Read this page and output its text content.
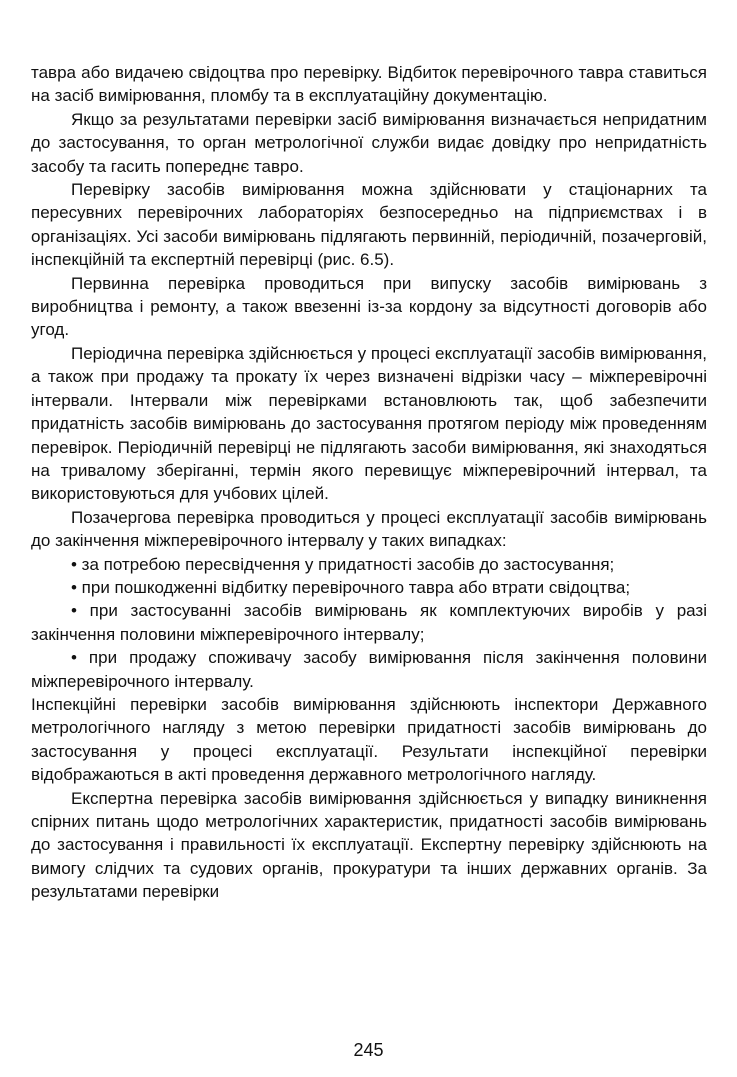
тавра або видачею свідоцтва про перевірку. Відбиток перевірочного тавра ставиться на засіб вимірювання, пломбу та в експлуатаційну документацію.

Якщо за результатами перевірки засіб вимірювання визначається непридатним до застосування, то орган метрологічної служби видає довідку про непридатність засобу та гасить попереднє тавро.

Перевірку засобів вимірювання можна здійснювати у стаціонарних та пересувних перевірочних лабораторіях безпосередньо на підприємствах і в організаціях. Усі засоби вимірювань підлягають первинній, періодичній, позачерговій, інспекційній та експертній перевірці (рис. 6.5).

Первинна перевірка проводиться при випуску засобів вимірювань з виробництва і ремонту, а також ввезенні із-за кордону за відсутності договорів або угод.

Періодична перевірка здійснюється у процесі експлуатації засобів вимірювання, а також при продажу та прокату їх через визначені відрізки часу – міжперевірочні інтервали. Інтервали між перевірками встановлюють так, щоб забезпечити придатність засобів вимірювань до застосування протягом періоду між проведенням перевірок. Періодичній перевірці не підлягають засоби вимірювання, які знаходяться на тривалому зберіганні, термін якого перевищує міжперевірочний інтервал, та використовуються для учбових цілей.

Позачергова перевірка проводиться у процесі експлуатації засобів вимірювань до закінчення міжперевірочного інтервалу у таких випадках:

• за потребою пересвідчення у придатності засобів до застосування;

• при пошкодженні відбитку перевірочного тавра або втрати свідоцтва;

• при застосуванні засобів вимірювань як комплектуючих виробів у разі закінчення половини міжперевірочного інтервалу;

• при продажу споживачу засобу вимірювання після закінчення половини міжперевірочного інтервалу.

Інспекційні перевірки засобів вимірювання здійснюють інспектори Державного метрологічного нагляду з метою перевірки придатності засобів вимірювань до застосування у процесі експлуатації. Результати інспекційної перевірки відображаються в акті проведення державного метрологічного нагляду.

Експертна перевірка засобів вимірювання здійснюється у випадку виникнення спірних питань щодо метрологічних характеристик, придатності засобів вимірювань до застосування і правильності їх експлуатації. Експертну перевірку здійснюють на вимогу слідчих та судових органів, прокуратури та інших державних органів. За результатами перевірки

245
